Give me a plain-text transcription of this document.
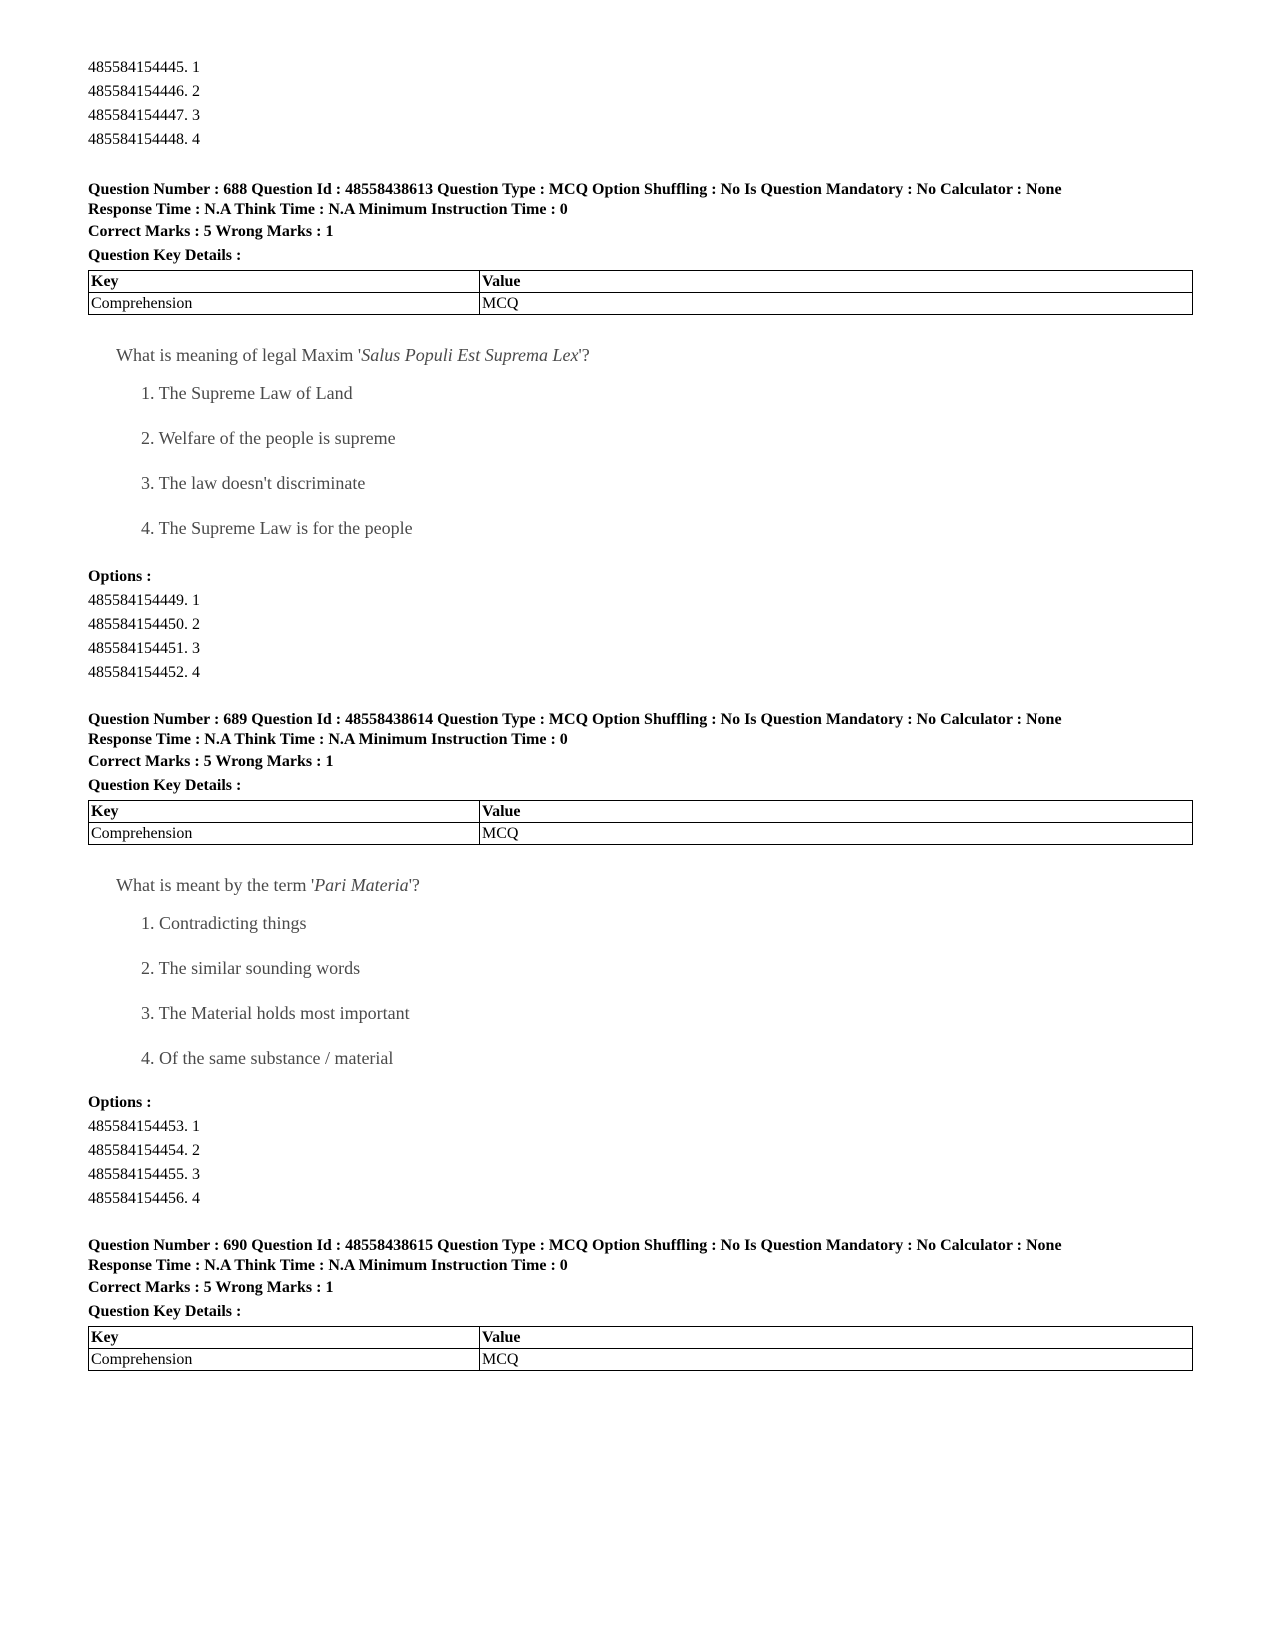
485584154445. 1
485584154446. 2
485584154447. 3
485584154448. 4
Question Number : 688 Question Id : 48558438613 Question Type : MCQ Option Shuffling : No Is Question Mandatory : No Calculator : None
Response Time : N.A Think Time : N.A Minimum Instruction Time : 0
Correct Marks : 5 Wrong Marks : 1
Question Key Details :
Key	Value
Comprehension	MCQ
What is meaning of legal Maxim 'Salus Populi Est Suprema Lex'?
1. The Supreme Law of Land
2. Welfare of the people is supreme
3. The law doesn't discriminate
4. The Supreme Law is for the people
Options :
485584154449. 1
485584154450. 2
485584154451. 3
485584154452. 4
Question Number : 689 Question Id : 48558438614 Question Type : MCQ Option Shuffling : No Is Question Mandatory : No Calculator : None
Response Time : N.A Think Time : N.A Minimum Instruction Time : 0
Correct Marks : 5 Wrong Marks : 1
Question Key Details :
Key	Value
Comprehension	MCQ
What is meant by the term 'Pari Materia'?
1. Contradicting things
2. The similar sounding words
3. The Material holds most important
4. Of the same substance / material
Options :
485584154453. 1
485584154454. 2
485584154455. 3
485584154456. 4
Question Number : 690 Question Id : 48558438615 Question Type : MCQ Option Shuffling : No Is Question Mandatory : No Calculator : None
Response Time : N.A Think Time : N.A Minimum Instruction Time : 0
Correct Marks : 5 Wrong Marks : 1
Question Key Details :
Key	Value
Comprehension	MCQ
